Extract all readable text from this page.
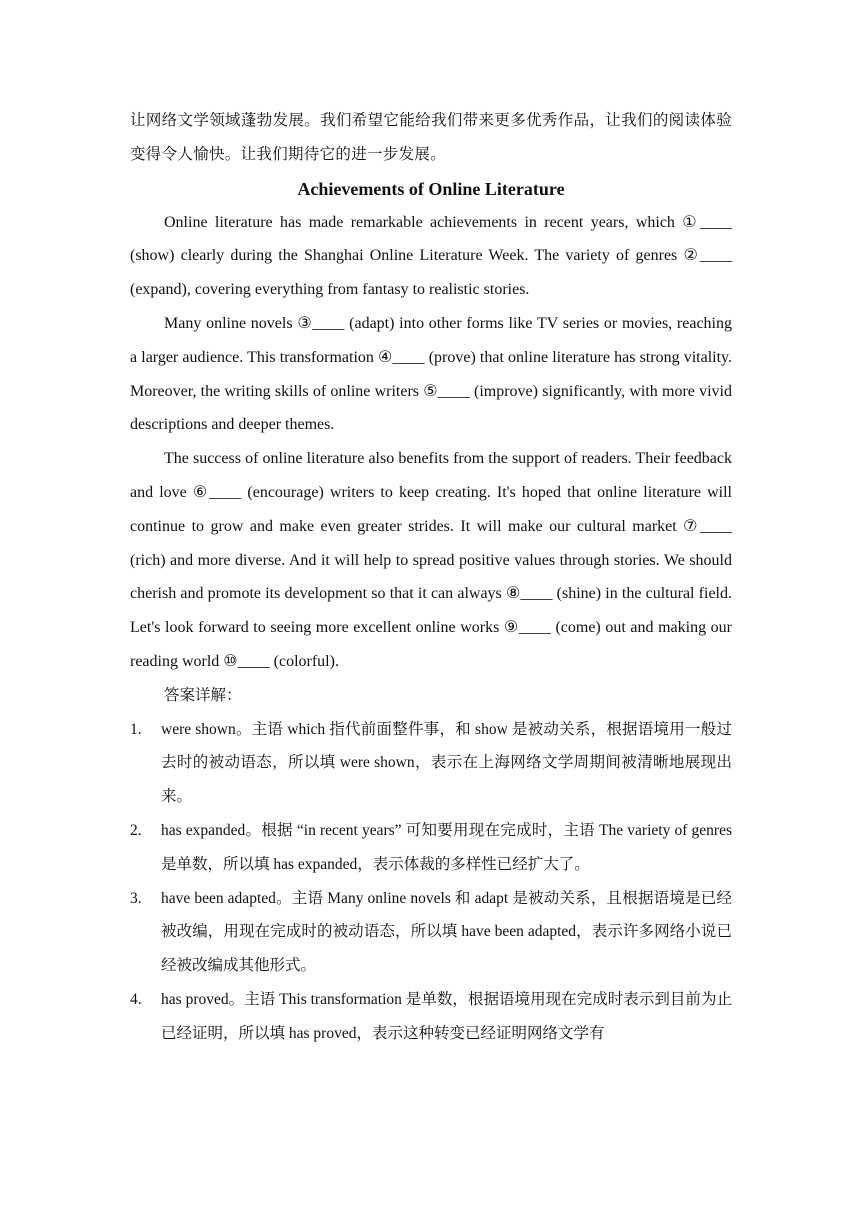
让网络文学领域蓬勃发展。我们希望它能给我们带来更多优秀作品，让我们的阅读体验变得令人愉快。让我们期待它的进一步发展。

Achievements of Online Literature

Online literature has made remarkable achievements in recent years, which ①____ (show) clearly during the Shanghai Online Literature Week. The variety of genres ②____ (expand), covering everything from fantasy to realistic stories.

Many online novels ③____ (adapt) into other forms like TV series or movies, reaching a larger audience. This transformation ④____ (prove) that online literature has strong vitality. Moreover, the writing skills of online writers ⑤____ (improve) significantly, with more vivid descriptions and deeper themes.

The success of online literature also benefits from the support of readers. Their feedback and love ⑥____ (encourage) writers to keep creating. It's hoped that online literature will continue to grow and make even greater strides. It will make our cultural market ⑦____ (rich) and more diverse. And it will help to spread positive values through stories. We should cherish and promote its development so that it can always ⑧____ (shine) in the cultural field. Let's look forward to seeing more excellent online works ⑨____ (come) out and making our reading world ⑩____ (colorful).

答案详解：

1. were shown。主语 which 指代前面整件事，和 show 是被动关系，根据语境用一般过去时的被动语态，所以填 were shown，表示在上海网络文学周期间被清晰地展现出来。
2. has expanded。根据 “in recent years” 可知要用现在完成时，主语 The variety of genres 是单数，所以填 has expanded，表示体裁的多样性已经扩大了。
3. have been adapted。主语 Many online novels 和 adapt 是被动关系，且根据语境是已经被改编，用现在完成时的被动语态，所以填 have been adapted，表示许多网络小说已经被改编成其他形式。
4. has proved。主语 This transformation 是单数，根据语境用现在完成时表示到目前为止已经证明，所以填 has proved，表示这种转变已经证明网络文学有
